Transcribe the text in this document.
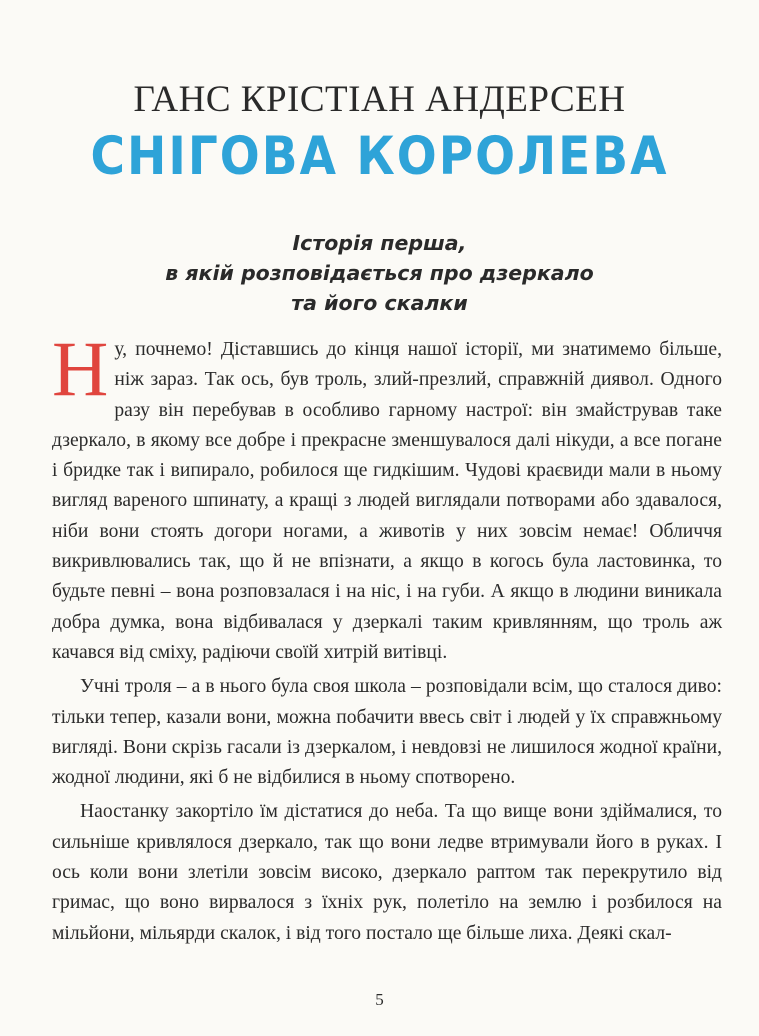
ГАНС КРІСТІАН АНДЕРСЕН
СНІГОВА КОРОЛЕВА
Історія перша,
в якій розповідається про дзеркало
та його скалки

Ну, почнемо! Діставшись до кінця нашої історії, ми знатимемо більше, ніж зараз. Так ось, був троль, злий-презлий, справжній диявол. Одного разу він перебував в особливо гарному настрої: він змайстрував таке дзеркало, в якому все добре і прекрасне зменшувалося далі нікуди, а все погане і бридке так і випирало, робилося ще гидкішим. Чудові краєвиди мали в ньому вигляд вареного шпинату, а кращі з людей виглядали потворами або здавалося, ніби вони стоять догори ногами, а животів у них зовсім немає! Обличчя викривлювались так, що й не впізнати, а якщо в когось була ластовинка, то будьте певні – вона розповзалася і на ніс, і на губи. А якщо в людини виникала добра думка, вона відбивалася у дзеркалі таким кривлянням, що троль аж качався від сміху, радіючи своїй хитрій витівці.

Учні троля – а в нього була своя школа – розповідали всім, що сталося диво: тільки тепер, казали вони, можна побачити ввесь світ і людей у їх справжньому вигляді. Вони скрізь гасали із дзеркалом, і невдовзі не лишилося жодної країни, жодної людини, які б не відбилися в ньому спотворено.

Наостанку закортіло їм дістатися до неба. Та що вище вони здіймалися, то сильніше кривлялося дзеркало, так що вони ледве втримували його в руках. І ось коли вони злетіли зовсім високо, дзеркало раптом так перекрутило від гримас, що воно вирвалося з їхніх рук, полетіло на землю і розбилося на мільйони, мільярди скалок, і від того постало ще більше лиха. Деякі скал-

5
